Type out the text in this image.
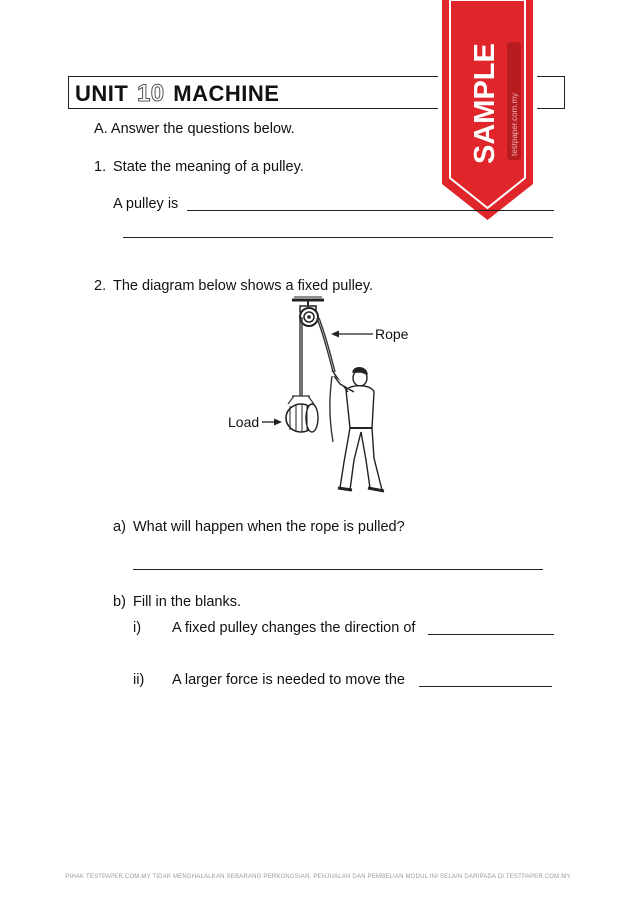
UNIT 10 MACHINE	SAMPLE testpaper.com.my
A. Answer the questions below.
1. State the meaning of a pulley.
A pulley is
2. The diagram below shows a fixed pulley.
Rope
Load
a) What will happen when the rope is pulled?
b) Fill in the blanks.
i) A fixed pulley changes the direction of
ii) A larger force is needed to move the
PIHAK TESTPAPER.COM.MY TIDAK MENGHALALKAN SEBARANG PERKONGSIAN, PENJUALAN DAN PEMBELIAN MODUL INI SELAIN DARIPADA DI TESTPAPER.COM.MY.
